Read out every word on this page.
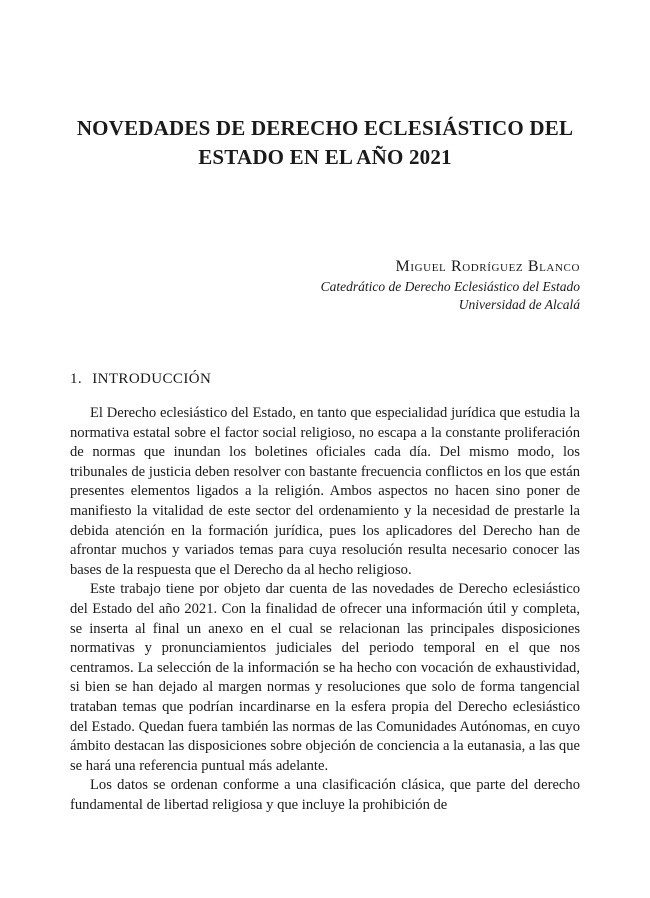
NOVEDADES DE DERECHO ECLESIÁSTICO DEL
ESTADO EN EL AÑO 2021
Miguel Rodríguez Blanco
Catedrático de Derecho Eclesiástico del Estado
Universidad de Alcalá
1. INTRODUCCIÓN

El Derecho eclesiástico del Estado, en tanto que especialidad jurídica que estudia la normativa estatal sobre el factor social religioso, no escapa a la constante proliferación de normas que inundan los boletines oficiales cada día. Del mismo modo, los tribunales de justicia deben resolver con bastante frecuencia conflictos en los que están presentes elementos ligados a la religión. Ambos aspectos no hacen sino poner de manifiesto la vitalidad de este sector del ordenamiento y la necesidad de prestarle la debida atención en la formación jurídica, pues los aplicadores del Derecho han de afrontar muchos y variados temas para cuya resolución resulta necesario conocer las bases de la respuesta que el Derecho da al hecho religioso.

Este trabajo tiene por objeto dar cuenta de las novedades de Derecho eclesiástico del Estado del año 2021. Con la finalidad de ofrecer una información útil y completa, se inserta al final un anexo en el cual se relacionan las principales disposiciones normativas y pronunciamientos judiciales del periodo temporal en el que nos centramos. La selección de la información se ha hecho con vocación de exhaustividad, si bien se han dejado al margen normas y resoluciones que solo de forma tangencial trataban temas que podrían incardinarse en la esfera propia del Derecho eclesiástico del Estado. Quedan fuera también las normas de las Comunidades Autónomas, en cuyo ámbito destacan las disposiciones sobre objeción de conciencia a la eutanasia, a las que se hará una referencia puntual más adelante.

Los datos se ordenan conforme a una clasificación clásica, que parte del derecho fundamental de libertad religiosa y que incluye la prohibición de
